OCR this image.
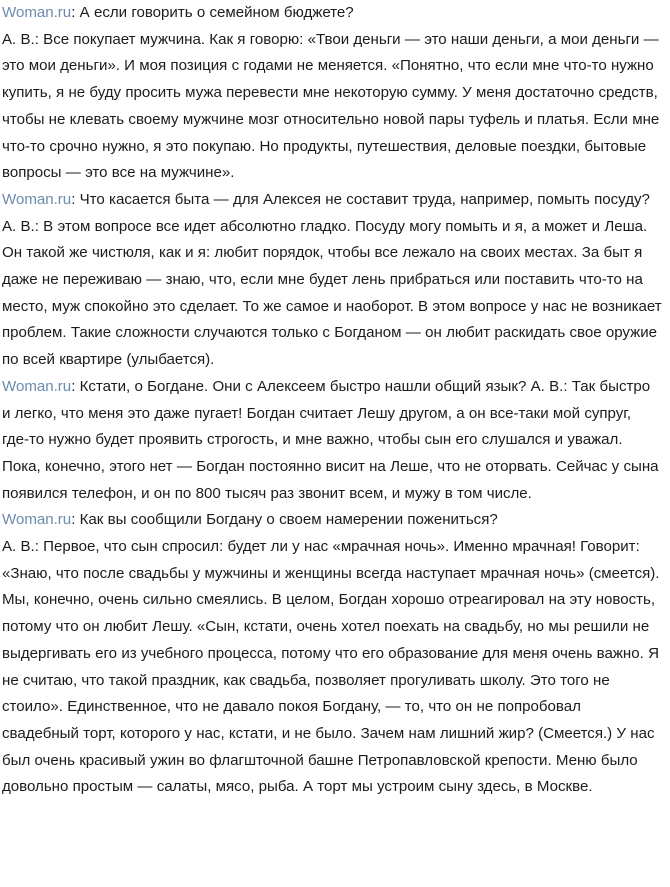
Woman.ru: А если говорить о семейном бюджете?
A. B.: Все покупает мужчина. Как я говорю: «Твои деньги — это наши деньги, а мои деньги — это мои деньги». И моя позиция с годами не меняется. «Понятно, что если мне что-то нужно купить, я не буду просить мужа перевести мне некоторую сумму. У меня достаточно средств, чтобы не клевать своему мужчине мозг относительно новой пары туфель и платья. Если мне что-то срочно нужно, я это покупаю. Но продукты, путешествия, деловые поездки, бытовые вопросы — это все на мужчине».

Woman.ru: Что касается быта — для Алексея не составит труда, например, помыть посуду?
A. B.: В этом вопросе все идет абсолютно гладко. Посуду могу помыть и я, а может и Леша. Он такой же чистюля, как и я: любит порядок, чтобы все лежало на своих местах. За быт я даже не переживаю — знаю, что, если мне будет лень прибраться или поставить что-то на место, муж спокойно это сделает. То же самое и наоборот. В этом вопросе у нас не возникает проблем. Такие сложности случаются только с Богданом — он любит раскидать свое оружие по всей квартире (улыбается).

Woman.ru: Кстати, о Богдане. Они с Алексеем быстро нашли общий язык? A. B.: Так быстро и легко, что меня это даже пугает! Богдан считает Лешу другом, а он все-таки мой супруг, где-то нужно будет проявить строгость, и мне важно, чтобы сын его слушался и уважал. Пока, конечно, этого нет — Богдан постоянно висит на Леше, что не оторвать. Сейчас у сына появился телефон, и он по 800 тысяч раз звонит всем, и мужу в том числе.

Woman.ru: Как вы сообщили Богдану о своем намерении пожениться?
A. B.: Первое, что сын спросил: будет ли у нас «мрачная ночь». Именно мрачная! Говорит: «Знаю, что после свадьбы у мужчины и женщины всегда наступает мрачная ночь» (смеется). Мы, конечно, очень сильно смеялись. В целом, Богдан хорошо отреагировал на эту новость, потому что он любит Лешу. «Сын, кстати, очень хотел поехать на свадьбу, но мы решили не выдергивать его из учебного процесса, потому что его образование для меня очень важно. Я не считаю, что такой праздник, как свадьба, позволяет прогуливать школу. Это того не стоило». Единственное, что не давало покоя Богдану, — то, что он не попробовал свадебный торт, которого у нас, кстати, и не было. Зачем нам лишний жир? (Смеется.) У нас был очень красивый ужин во флагшточной башне Петропавловской крепости. Меню было довольно простым — салаты, мясо, рыба. А торт мы устроим сыну здесь, в Москве.
